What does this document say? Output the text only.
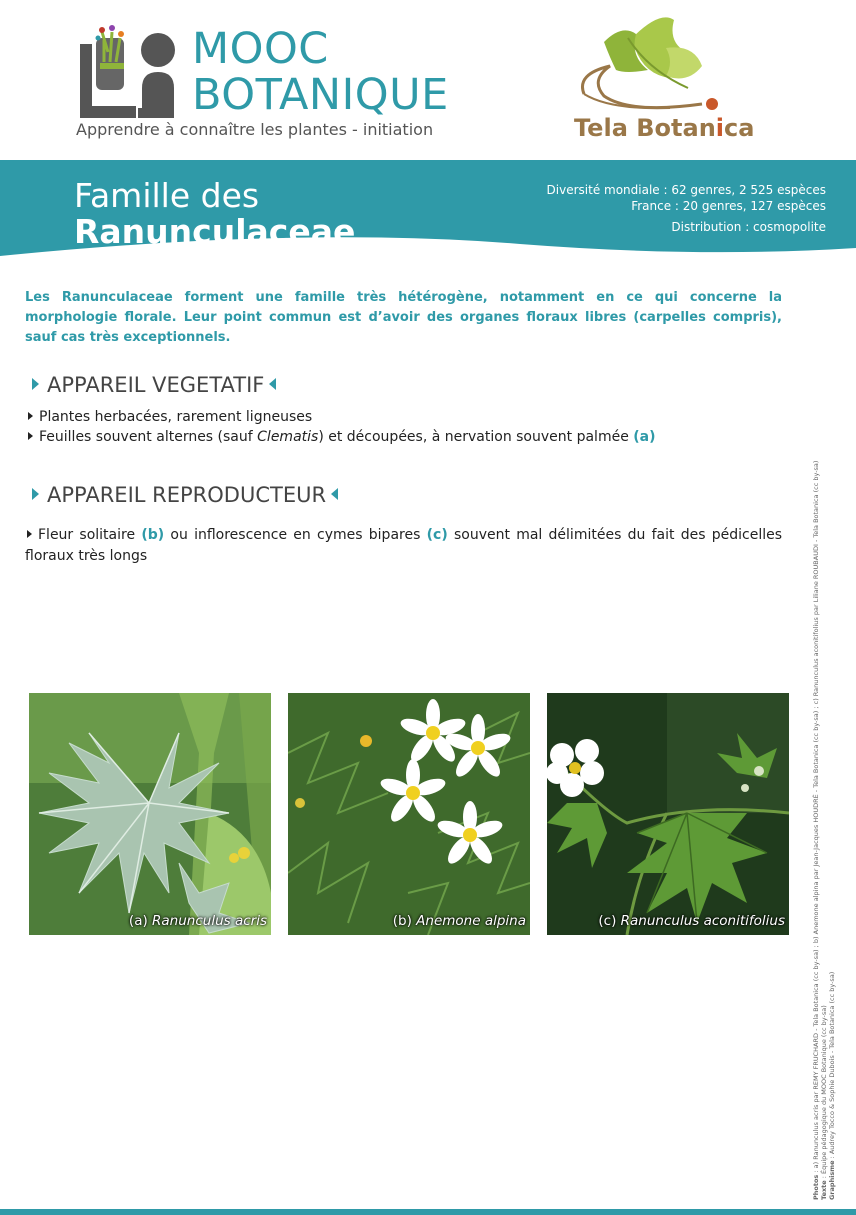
MOOC
BOTANIQUE
Apprendre à connaître les plantes - initiation	Tela Botanica
Famille des
Ranunculaceae
Diversité mondiale : 62 genres, 2 525 espèces
France : 20 genres, 127 espèces
Distribution : cosmopolite

Les Ranunculaceae forment une famille très hétérogène, notamment en ce qui concerne la morphologie florale. Leur point commun est d’avoir des organes floraux libres (carpelles compris), sauf cas très exceptionnels.

APPAREIL VEGETATIF
Plantes herbacées, rarement ligneuses
Feuilles souvent alternes (sauf Clematis) et découpées, à nervation souvent palmée (a)
APPAREIL REPRODUCTEUR

Fleur solitaire (b) ou inflorescence en cymes bipares (c) souvent mal délimitées du fait des pédicelles floraux très longs

(a) Ranunculus acris	(b) Anemone alpina	(c) Ranunculus aconitifolius
Photos : a) Ranunculus acris par REMY FRUCHARD - Tela Botanica (cc by-sa) ; b) Anemone alpina par Jean-Jacques HOUDRÉ - Tela Botanica (cc by-sa) ; c) Ranunculus aconitifolius par Liliane ROUBAUDI - Tela Botanica (cc by-sa)
Texte : Équipe pédagogique du MOOC Botanique (cc by-sa) Graphisme : Audrey Tocco & Sophie Dubois - Tela Botanica (cc by-sa)
